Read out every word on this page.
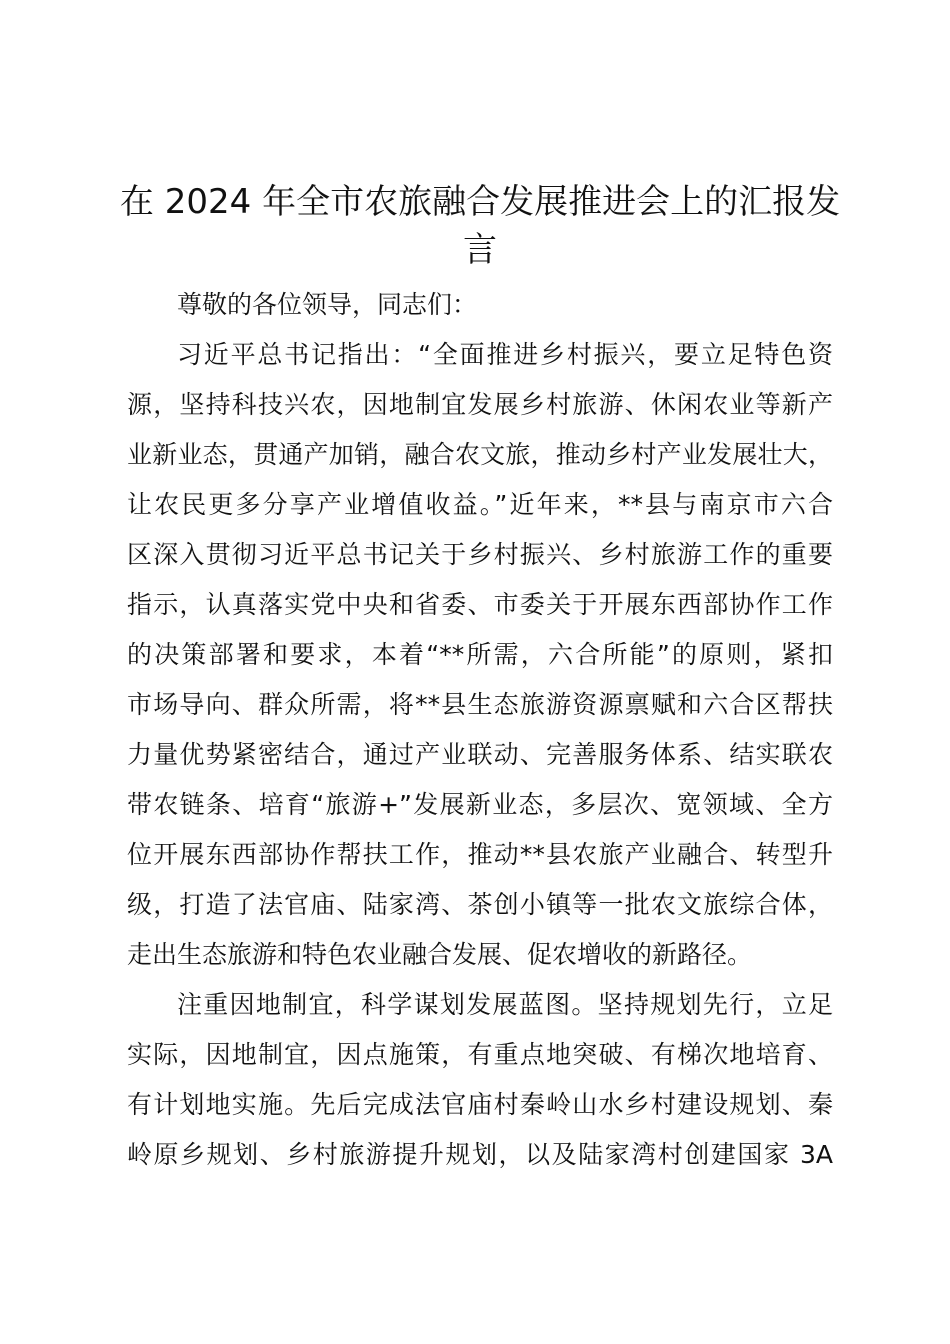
在 2024 年全市农旅融合发展推进会上的汇报发言
尊敬的各位领导，同志们：
习近平总书记指出：“全面推进乡村振兴，要立足特色资
源，坚持科技兴农，因地制宜发展乡村旅游、休闲农业等新产
业新业态，贯通产加销，融合农文旅，推动乡村产业发展壮大，
让农民更多分享产业增值收益。”近年来，**县与南京市六合
区深入贯彻习近平总书记关于乡村振兴、乡村旅游工作的重要
指示，认真落实党中央和省委、市委关于开展东西部协作工作
的决策部署和要求，本着“**所需，六合所能”的原则，紧扣
市场导向、群众所需，将**县生态旅游资源禀赋和六合区帮扶
力量优势紧密结合，通过产业联动、完善服务体系、结实联农
带农链条、培育“旅游+”发展新业态，多层次、宽领域、全方
位开展东西部协作帮扶工作，推动**县农旅产业融合、转型升
级，打造了法官庙、陆家湾、茶创小镇等一批农文旅综合体，
走出生态旅游和特色农业融合发展、促农增收的新路径。
注重因地制宜，科学谋划发展蓝图。坚持规划先行，立足
实际，因地制宜，因点施策，有重点地突破、有梯次地培育、
有计划地实施。先后完成法官庙村秦岭山水乡村建设规划、秦
岭原乡规划、乡村旅游提升规划，以及陆家湾村创建国家 3A
